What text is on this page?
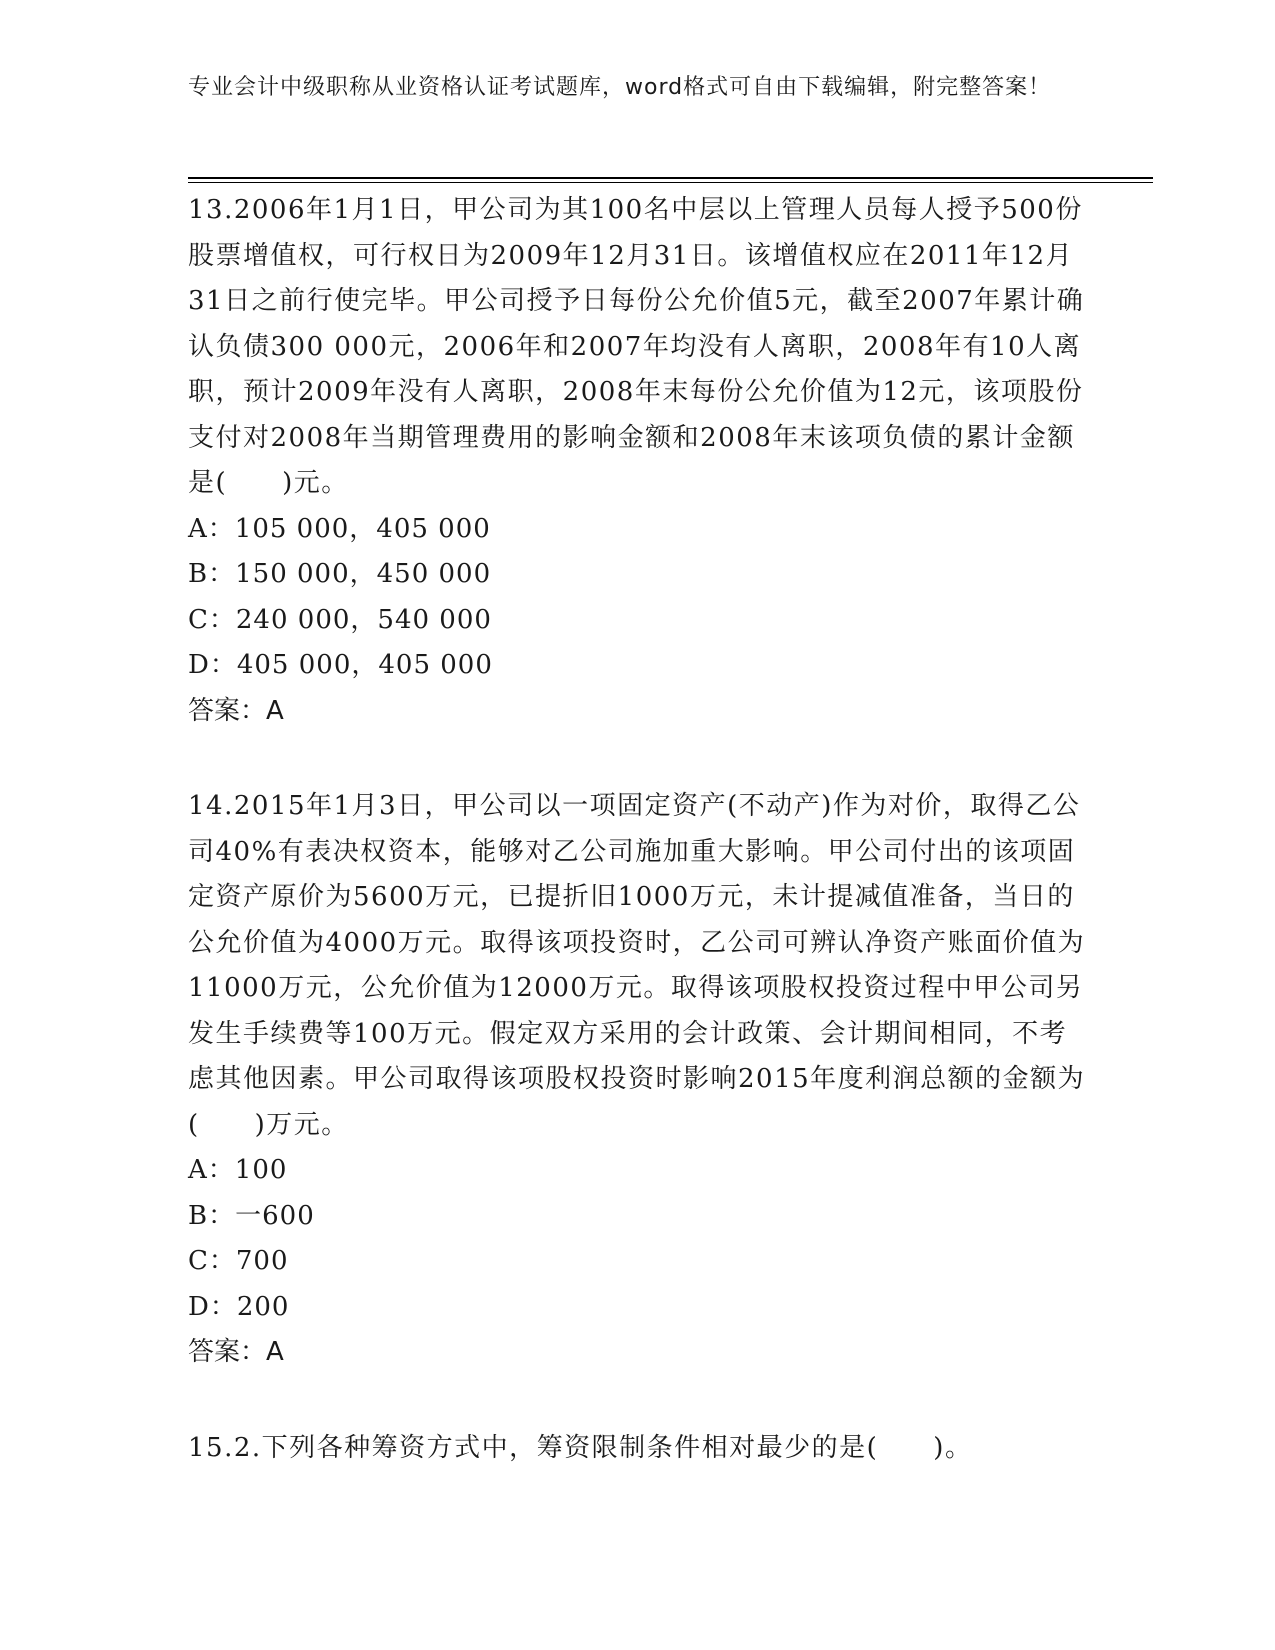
专业会计中级职称从业资格认证考试题库，word格式可自由下载编辑，附完整答案！

13.2006年1月1日，甲公司为其100名中层以上管理人员每人授予500份股票增值权，可行权日为2009年12月31日。该增值权应在2011年12月31日之前行使完毕。甲公司授予日每份公允价值5元，截至2007年累计确认负债300 000元，2006年和2007年均没有人离职，2008年有10人离职，预计2009年没有人离职，2008年末每份公允价值为12元，该项股份支付对2008年当期管理费用的影响金额和2008年末该项负债的累计金额是(　　)元。

A：105 000，405 000

B：150 000，450 000

C：240 000，540 000

D：405 000，405 000

答案：A

14.2015年1月3日，甲公司以一项固定资产(不动产)作为对价，取得乙公司40%有表决权资本，能够对乙公司施加重大影响。甲公司付出的该项固定资产原价为5600万元，已提折旧1000万元，未计提减值准备，当日的公允价值为4000万元。取得该项投资时，乙公司可辨认净资产账面价值为11000万元，公允价值为12000万元。取得该项股权投资过程中甲公司另发生手续费等100万元。假定双方采用的会计政策、会计期间相同，不考虑其他因素。甲公司取得该项股权投资时影响2015年度利润总额的金额为(　　)万元。

A：100

B：一600

C：700

D：200

答案：A

15.2.下列各种筹资方式中，筹资限制条件相对最少的是(　　)。
